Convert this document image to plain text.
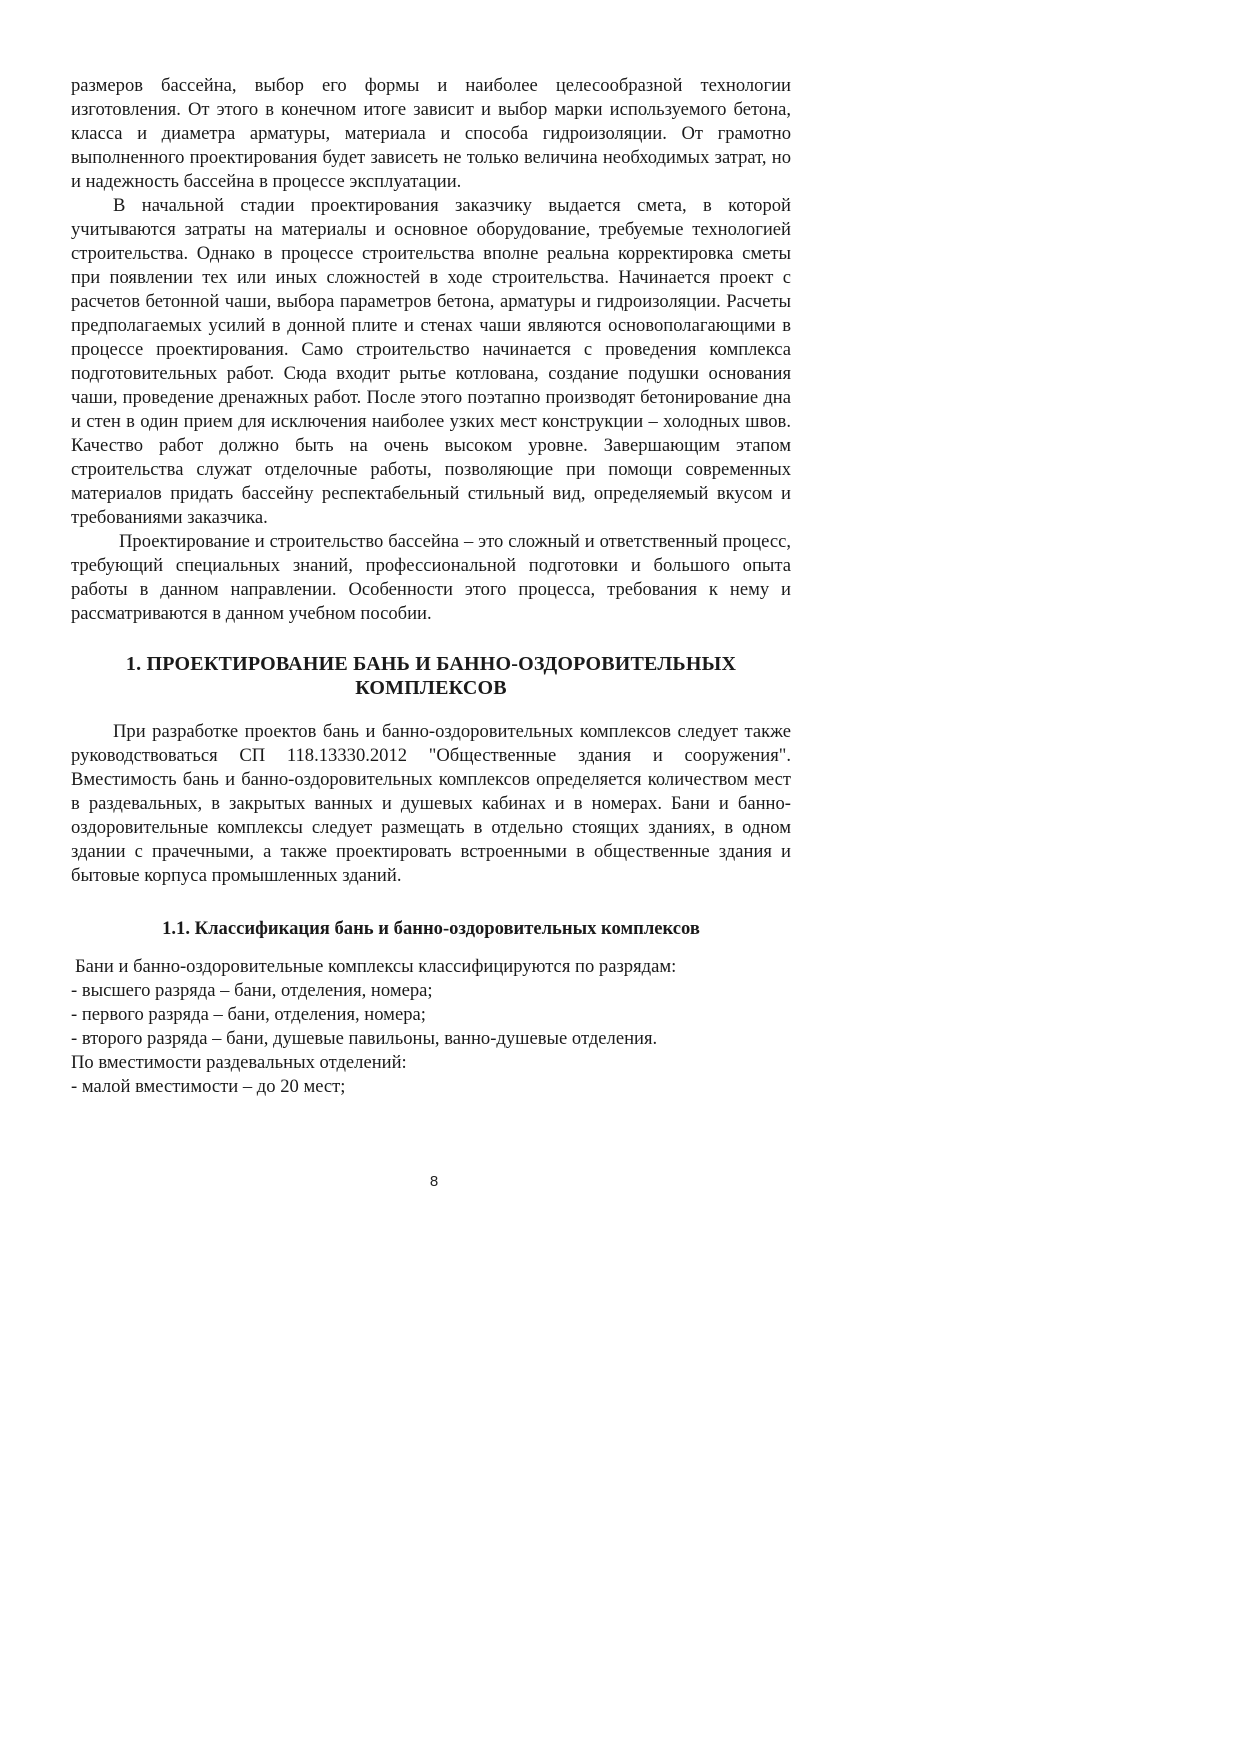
размеров бассейна, выбор его формы и наиболее целесообразной технологии изготовления. От этого в конечном итоге зависит и выбор марки используемого бетона, класса и диаметра арматуры, материала и способа гидроизоляции. От грамотно выполненного проектирования будет зависеть не только величина необходимых затрат, но и надежность бассейна в процессе эксплуатации.

В начальной стадии проектирования заказчику выдается смета, в которой учитываются затраты на материалы и основное оборудование, требуемые технологией строительства. Однако в процессе строительства вполне реальна корректировка сметы при появлении тех или иных сложностей в ходе строительства. Начинается проект с расчетов бетонной чаши, выбора параметров бетона, арматуры и гидроизоляции. Расчеты предполагаемых усилий в донной плите и стенах чаши являются основополагающими в процессе проектирования. Само строительство начинается с проведения комплекса подготовительных работ. Сюда входит рытье котлована, создание подушки основания чаши, проведение дренажных работ. После этого поэтапно производят бетонирование дна и стен в один прием для исключения наиболее узких мест конструкции – холодных швов. Качество работ должно быть на очень высоком уровне. Завершающим этапом строительства служат отделочные работы, позволяющие при помощи современных материалов придать бассейну респектабельный стильный вид, определяемый вкусом и требованиями заказчика.

Проектирование и строительство бассейна – это сложный и ответственный процесс, требующий специальных знаний, профессиональной подготовки и большого опыта работы в данном направлении. Особенности этого процесса, требования к нему и рассматриваются в данном учебном пособии.

1. ПРОЕКТИРОВАНИЕ БАНЬ И БАННО-ОЗДОРОВИТЕЛЬНЫХ
КОМПЛЕКСОВ

При разработке проектов бань и банно-оздоровительных комплексов следует также руководствоваться СП 118.13330.2012 "Общественные здания и сооружения". Вместимость бань и банно-оздоровительных комплексов определяется количеством мест в раздевальных, в закрытых ванных и душевых кабинах и в номерах. Бани и банно-оздоровительные комплексы следует размещать в отдельно стоящих зданиях, в одном здании с прачечными, а также проектировать встроенными в общественные здания и бытовые корпуса промышленных зданий.

1.1. Классификация бань и банно-оздоровительных комплексов
Бани и банно-оздоровительные комплексы классифицируются по разрядам:
- высшего разряда – бани, отделения, номера;
- первого разряда – бани, отделения, номера;
- второго разряда – бани, душевые павильоны, ванно-душевые отделения.
По вместимости раздевальных отделений:
- малой вместимости – до 20 мест;
8
